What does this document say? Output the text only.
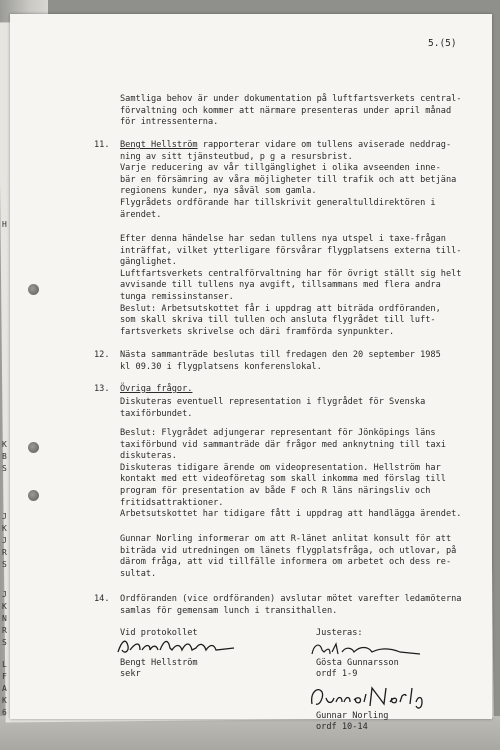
H
K
B
S
J
K
J
R
S
J
K
N
R
S
L
F
A
K
6
5.(5)
Samtliga behov är under dokumentation på luftfartsverkets central-
förvaltning och kommer att närmare presenteras under april månad
för intressenterna.
11. Bengt Hellström rapporterar vidare om tullens aviserade neddrag-
ning av sitt tjänsteutbud, p g a resursbrist.
Varje reducering av vår tillgänglighet i olika avseenden inne-
bär en försämring av våra möjligheter till trafik och att betjäna
regionens kunder, nya såväl som gamla.
Flygrådets ordförande har tillskrivit generaltulldirektören i
ärendet.
Efter denna händelse har sedan tullens nya utspel i taxe-frågan
inträffat, vilket ytterligare försvårar flygplatsens externa till-
gänglighet.
Luftfartsverkets centralförvaltning har för övrigt ställt sig helt
avvisande till tullens nya avgift, tillsammans med flera andra
tunga remissinstanser.
Beslut: Arbetsutskottet får i uppdrag att biträda ordföranden,
som skall skriva till tullen och ansluta flygrådet till luft-
fartsverkets skrivelse och däri framförda synpunkter.
12. Nästa sammanträde beslutas till fredagen den 20 september 1985
kl 09.30 i flygplatsens konferenslokal.
13. Övriga frågor.
Diskuteras eventuell representation i flygrådet för Svenska
taxiförbundet.
Beslut: Flygrådet adjungerar representant för Jönköpings läns
taxiförbund vid sammanträde där frågor med anknytning till taxi
diskuteras.
Diskuteras tidigare ärende om videopresentation. Hellström har
kontakt med ett videoföretag som skall inkomma med förslag till
program för presentation av både F och R läns näringsliv och
fritidsattraktioner.
Arbetsutskottet har tidigare fått i uppdrag att handlägga ärendet.
Gunnar Norling informerar om att R-länet anlitat konsult för att
biträda vid utredningen om länets flygplatsfråga, och utlovar, på
därom fråga, att vid tillfälle informera om arbetet och dess re-
sultat.
14. Ordföranden (vice ordföranden) avslutar mötet varefter ledamöterna
samlas för gemensam lunch i transithallen.
Vid protokollet	Justeras:
Bengt Hellström
sekr
Gösta Gunnarsson
ordf 1-9
Gunnar Norling
ordf 10-14
